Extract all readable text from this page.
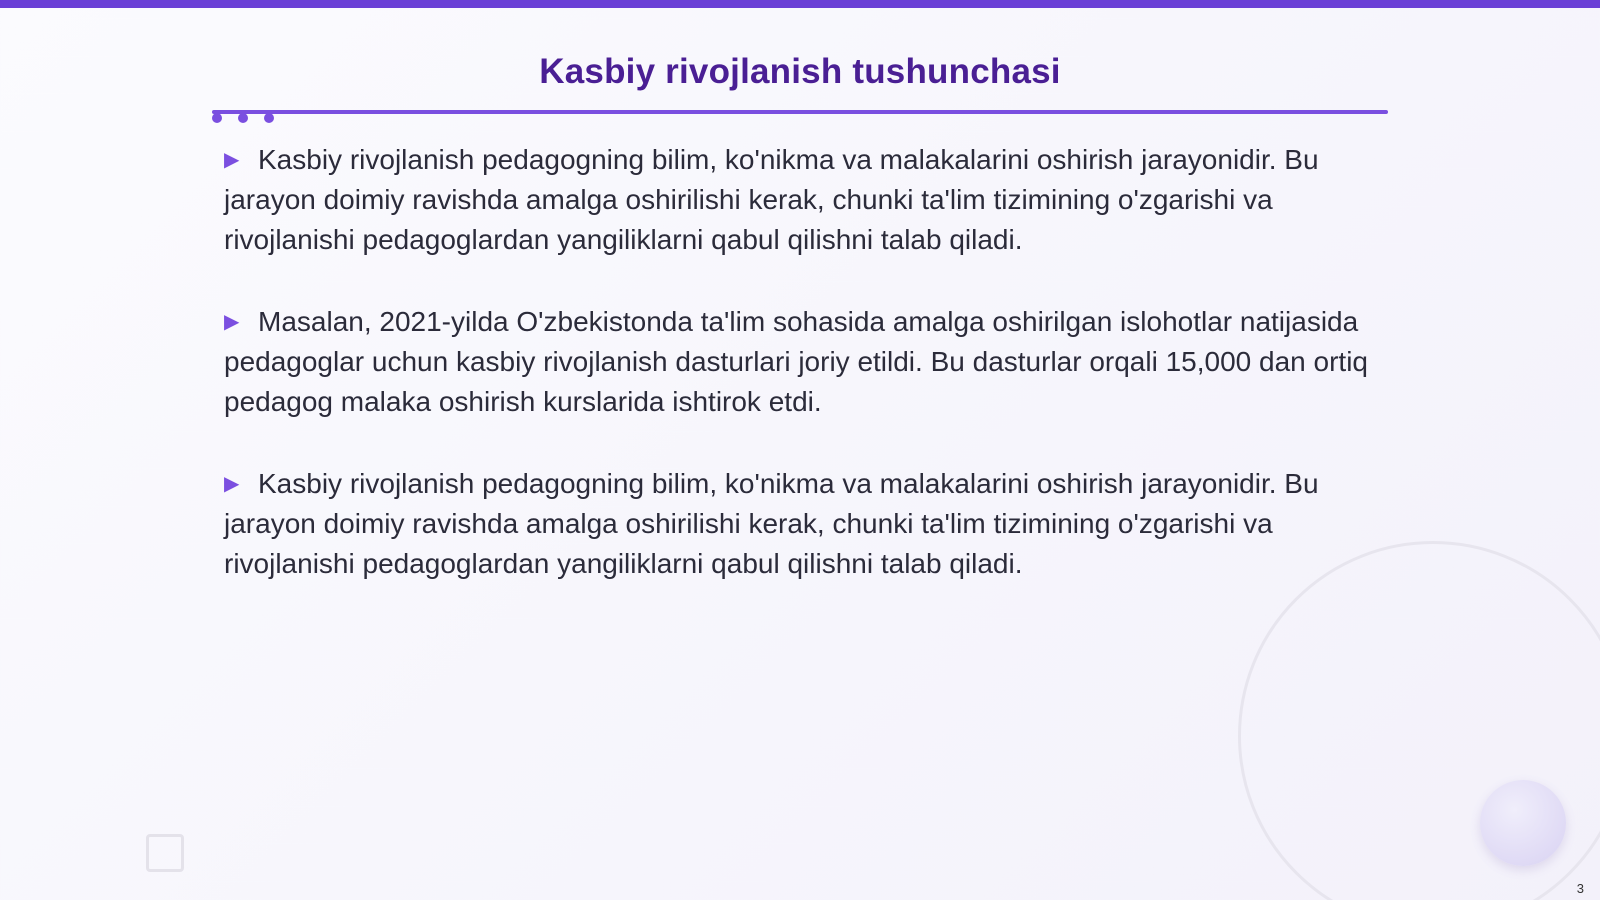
Kasbiy rivojlanish tushunchasi

▶ Kasbiy rivojlanish pedagogning bilim, ko'nikma va malakalarini oshirish jarayonidir. Bu jarayon doimiy ravishda amalga oshirilishi kerak, chunki ta'lim tizimining o'zgarishi va rivojlanishi pedagoglardan yangiliklarni qabul qilishni talab qiladi.

▶ Masalan, 2021-yilda O'zbekistonda ta'lim sohasida amalga oshirilgan islohotlar natijasida pedagoglar uchun kasbiy rivojlanish dasturlari joriy etildi. Bu dasturlar orqali 15,000 dan ortiq pedagog malaka oshirish kurslarida ishtirok etdi.

▶ Kasbiy rivojlanish pedagogning bilim, ko'nikma va malakalarini oshirish jarayonidir. Bu jarayon doimiy ravishda amalga oshirilishi kerak, chunki ta'lim tizimining o'zgarishi va rivojlanishi pedagoglardan yangiliklarni qabul qilishni talab qiladi.

3
